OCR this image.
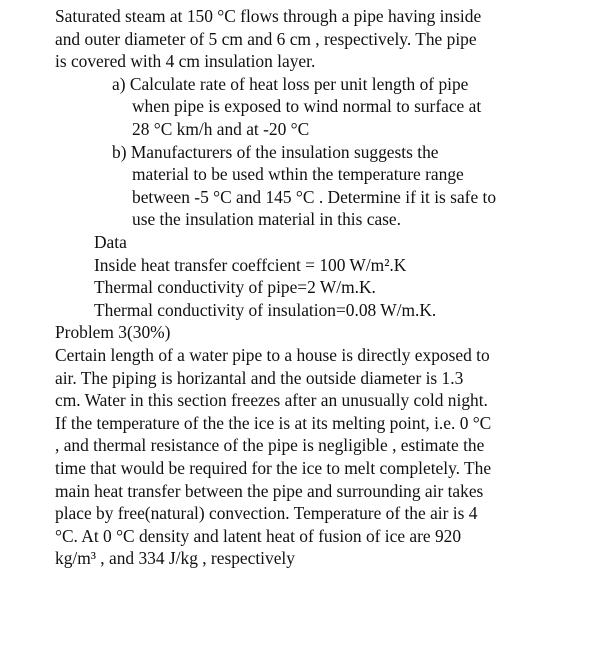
Saturated steam at 150 °C flows through a pipe having inside
and outer diameter of 5 cm and 6 cm , respectively. The pipe
is covered with 4 cm insulation layer.
a) Calculate rate of heat loss per unit length of pipe
when pipe is exposed to wind normal to surface at
28 °C km/h and at -20 °C
b) Manufacturers of the insulation suggests the
material to be used wthin the temperature range
between -5 °C and 145 °C . Determine if it is safe to
use the insulation material in this case.
Data
Inside heat transfer coeffcient = 100 W/m².K
Thermal conductivity of pipe=2 W/m.K.
Thermal conductivity of insulation=0.08 W/m.K.
Problem 3(30%)
Certain length of a water pipe to a house is directly exposed to
air. The piping is horizantal and the outside diameter is 1.3
cm. Water in this section freezes after an unusually cold night.
If the temperature of the the ice is at its melting point, i.e. 0 °C
, and thermal resistance of the pipe is negligible , estimate the
time that would be required for the ice to melt completely. The
main heat transfer between the pipe and surrounding air takes
place by free(natural) convection. Temperature of the air is 4
°C. At 0 °C density and latent heat of fusion of ice are 920
kg/m³ , and 334 J/kg , respectively
